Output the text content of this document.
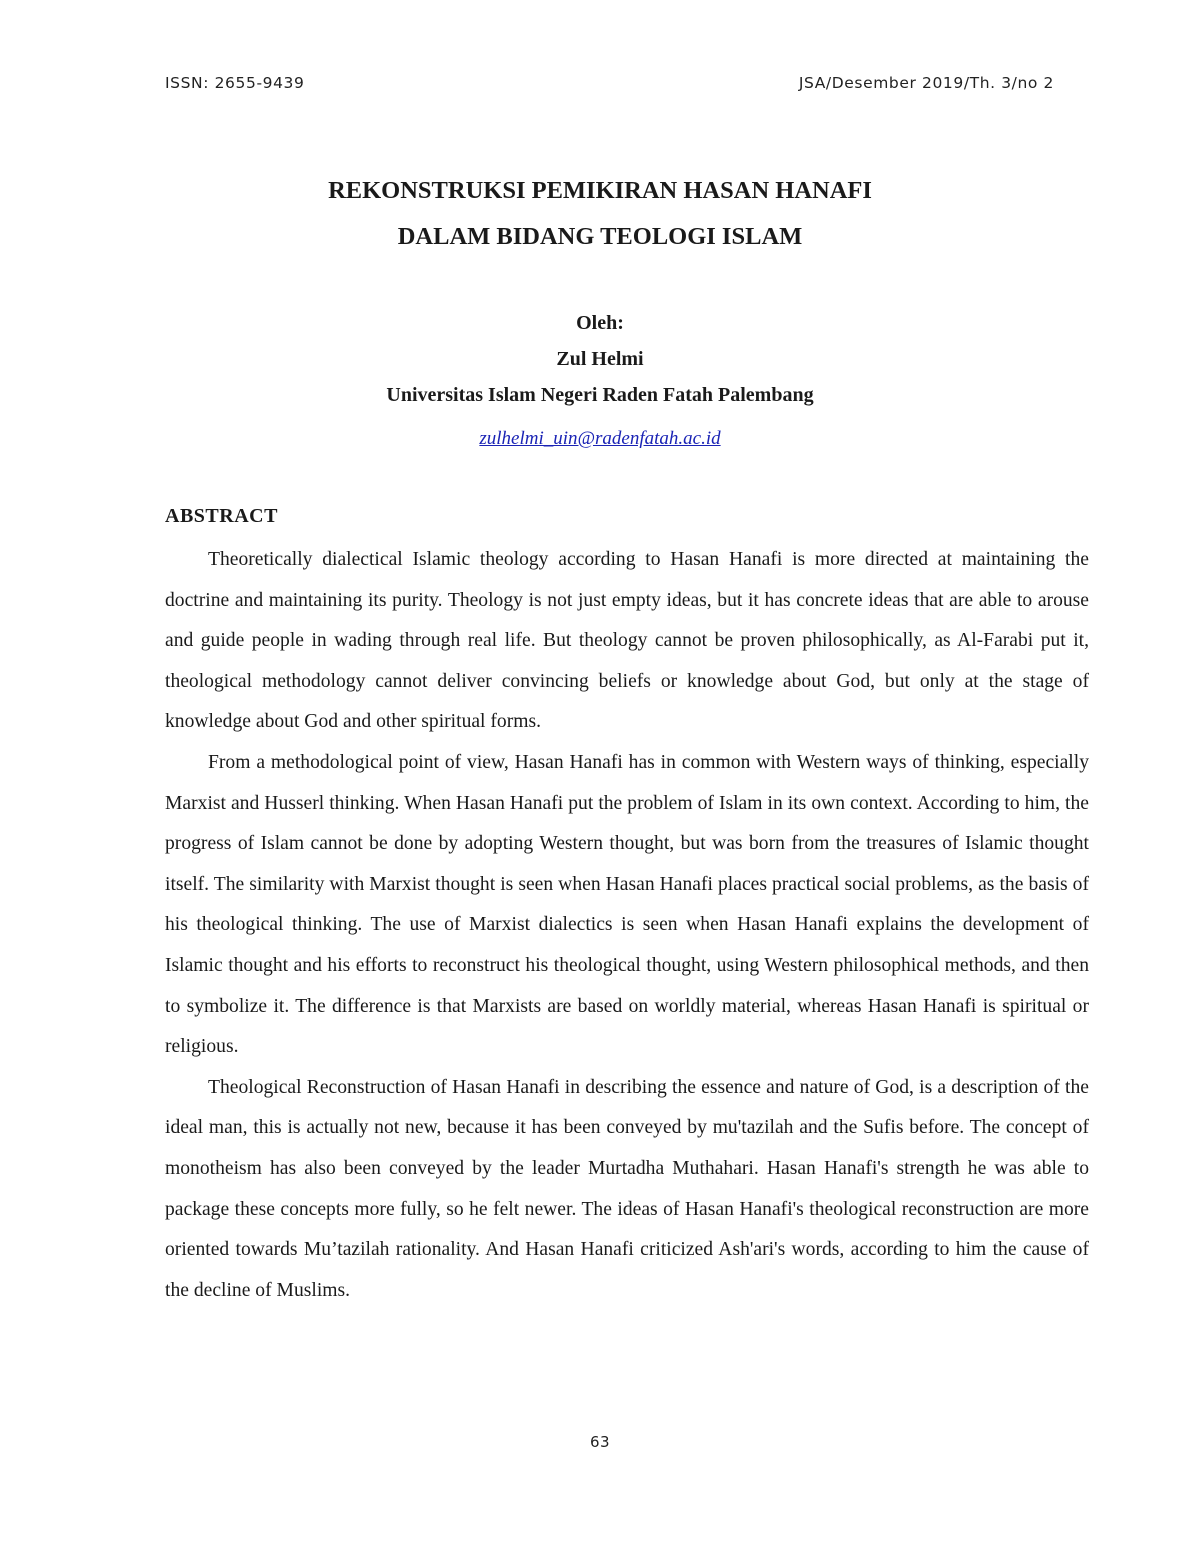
ISSN: 2655-9439	JSA/Desember 2019/Th. 3/no 2
REKONSTRUKSI PEMIKIRAN HASAN HANAFI
DALAM BIDANG TEOLOGI ISLAM
Oleh:
Zul Helmi
Universitas Islam Negeri Raden Fatah Palembang
zulhelmi_uin@radenfatah.ac.id
ABSTRACT

Theoretically dialectical Islamic theology according to Hasan Hanafi is more directed at maintaining the doctrine and maintaining its purity. Theology is not just empty ideas, but it has concrete ideas that are able to arouse and guide people in wading through real life. But theology cannot be proven philosophically, as Al-Farabi put it, theological methodology cannot deliver convincing beliefs or knowledge about God, but only at the stage of knowledge about God and other spiritual forms.

From a methodological point of view, Hasan Hanafi has in common with Western ways of thinking, especially Marxist and Husserl thinking. When Hasan Hanafi put the problem of Islam in its own context. According to him, the progress of Islam cannot be done by adopting Western thought, but was born from the treasures of Islamic thought itself. The similarity with Marxist thought is seen when Hasan Hanafi places practical social problems, as the basis of his theological thinking. The use of Marxist dialectics is seen when Hasan Hanafi explains the development of Islamic thought and his efforts to reconstruct his theological thought, using Western philosophical methods, and then to symbolize it. The difference is that Marxists are based on worldly material, whereas Hasan Hanafi is spiritual or religious.

Theological Reconstruction of Hasan Hanafi in describing the essence and nature of God, is a description of the ideal man, this is actually not new, because it has been conveyed by mu'tazilah and the Sufis before. The concept of monotheism has also been conveyed by the leader Murtadha Muthahari. Hasan Hanafi's strength he was able to package these concepts more fully, so he felt newer. The ideas of Hasan Hanafi's theological reconstruction are more oriented towards Mu’tazilah rationality. And Hasan Hanafi criticized Ash'ari's words, according to him the cause of the decline of Muslims.

63
